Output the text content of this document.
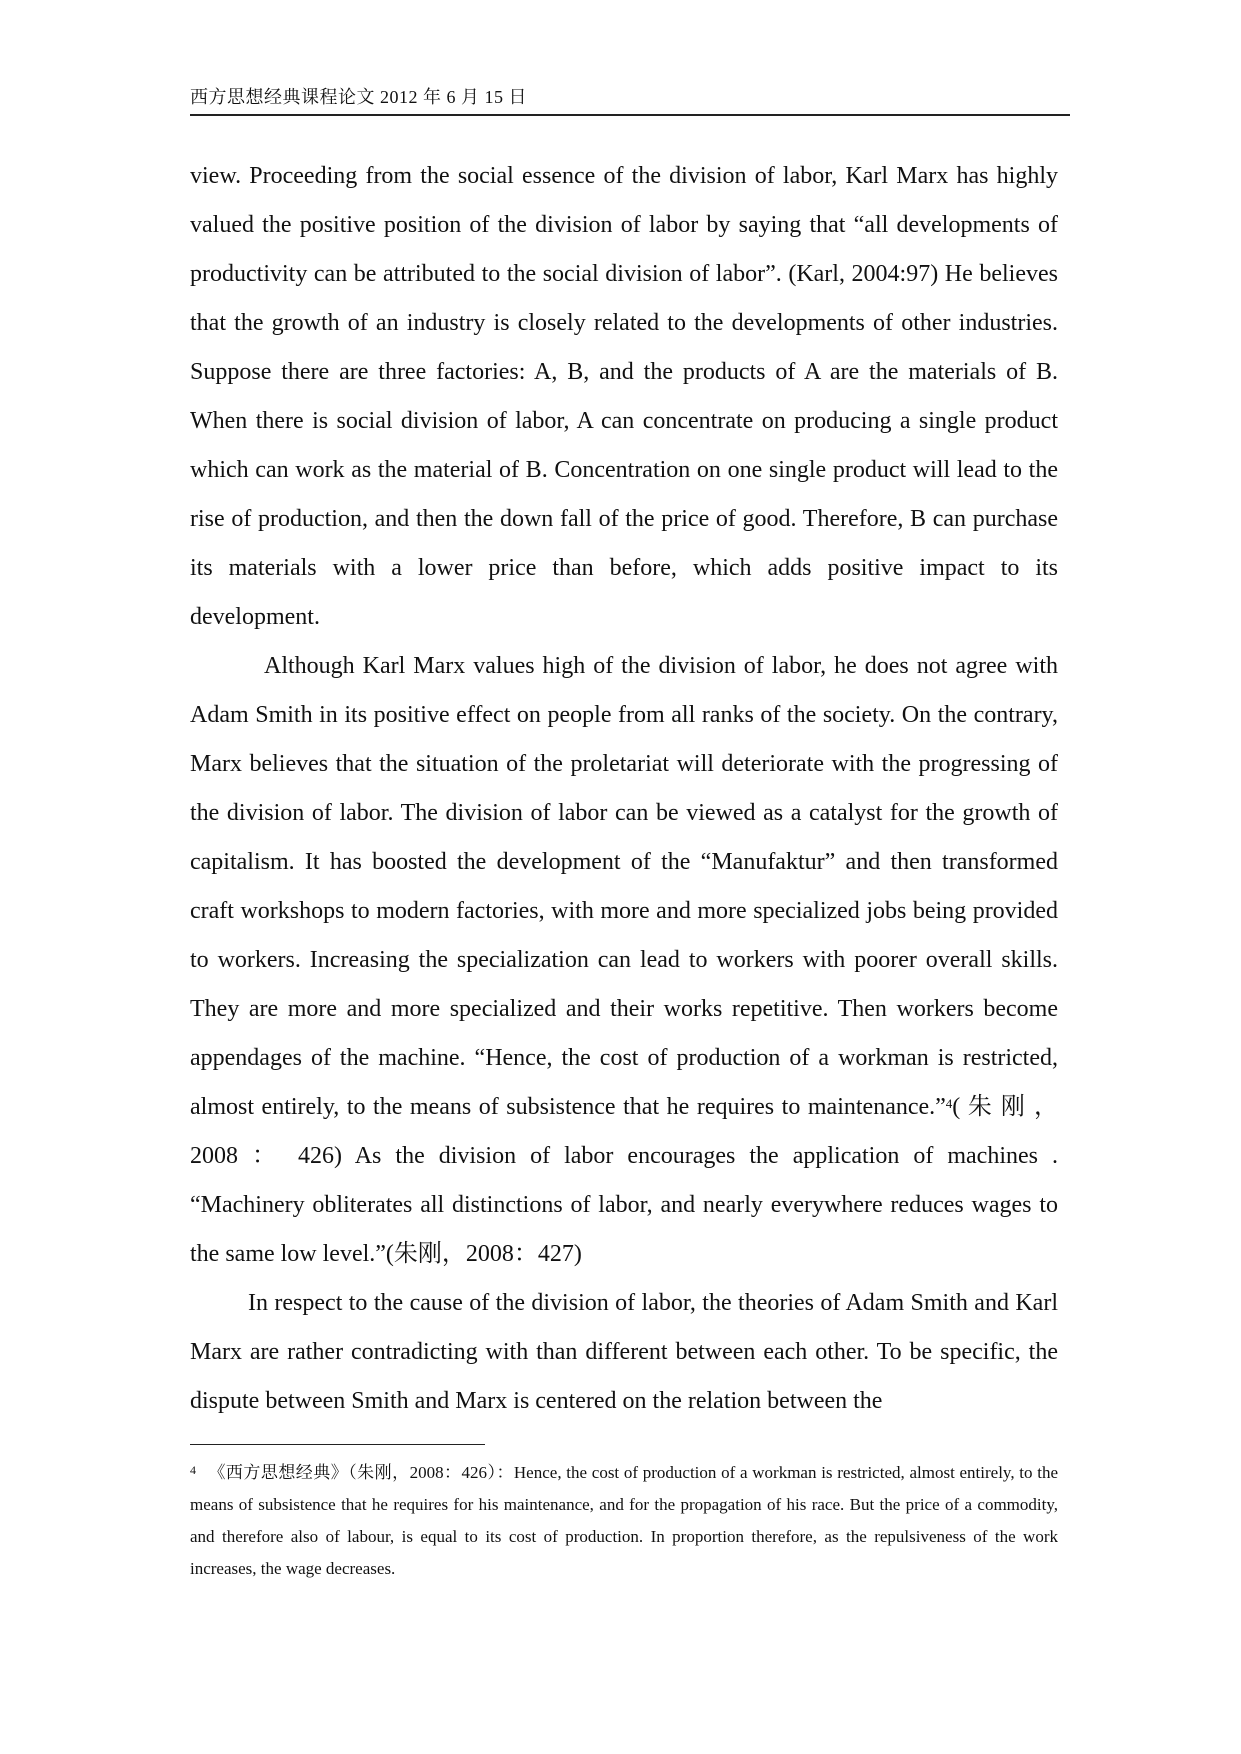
西方思想经典课程论文 2012 年 6 月 15 日

view. Proceeding from the social essence of the division of labor, Karl Marx has highly valued the positive position of the division of labor by saying that “all developments of productivity can be attributed to the social division of labor”. (Karl, 2004:97) He believes that the growth of an industry is closely related to the developments of other industries. Suppose there are three factories: A, B, and the products of A are the materials of B. When there is social division of labor, A can concentrate on producing a single product which can work as the material of B. Concentration on one single product will lead to the rise of production, and then the down fall of the price of good. Therefore, B can purchase its materials with a lower price than before, which adds positive impact to its development.

Although Karl Marx values high of the division of labor, he does not agree with Adam Smith in its positive effect on people from all ranks of the society. On the contrary, Marx believes that the situation of the proletariat will deteriorate with the progressing of the division of labor. The division of labor can be viewed as a catalyst for the growth of capitalism. It has boosted the development of the “Manufaktur” and then transformed craft workshops to modern factories, with more and more specialized jobs being provided to workers. Increasing the specialization can lead to workers with poorer overall skills. They are more and more specialized and their works repetitive. Then workers become appendages of the machine. “Hence, the cost of production of a workman is restricted, almost entirely, to the means of subsistence that he requires to maintenance.”$^4$( 朱 刚 ， 2008 ： 426) As the division of labor encourages the application of machines . “Machinery obliterates all distinctions of labor, and nearly everywhere reduces wages to the same low level.”(朱刚，2008：427)

In respect to the cause of the division of labor, the theories of Adam Smith and Karl Marx are rather contradicting with than different between each other. To be specific, the dispute between Smith and Marx is centered on the relation between the

$^4$ 《西方思想经典》（朱刚，2008：426）：Hence, the cost of production of a workman is restricted, almost entirely, to the means of subsistence that he requires for his maintenance, and for the propagation of his race. But the price of a commodity, and therefore also of labour, is equal to its cost of production. In proportion therefore, as the repulsiveness of the work increases, the wage decreases.
